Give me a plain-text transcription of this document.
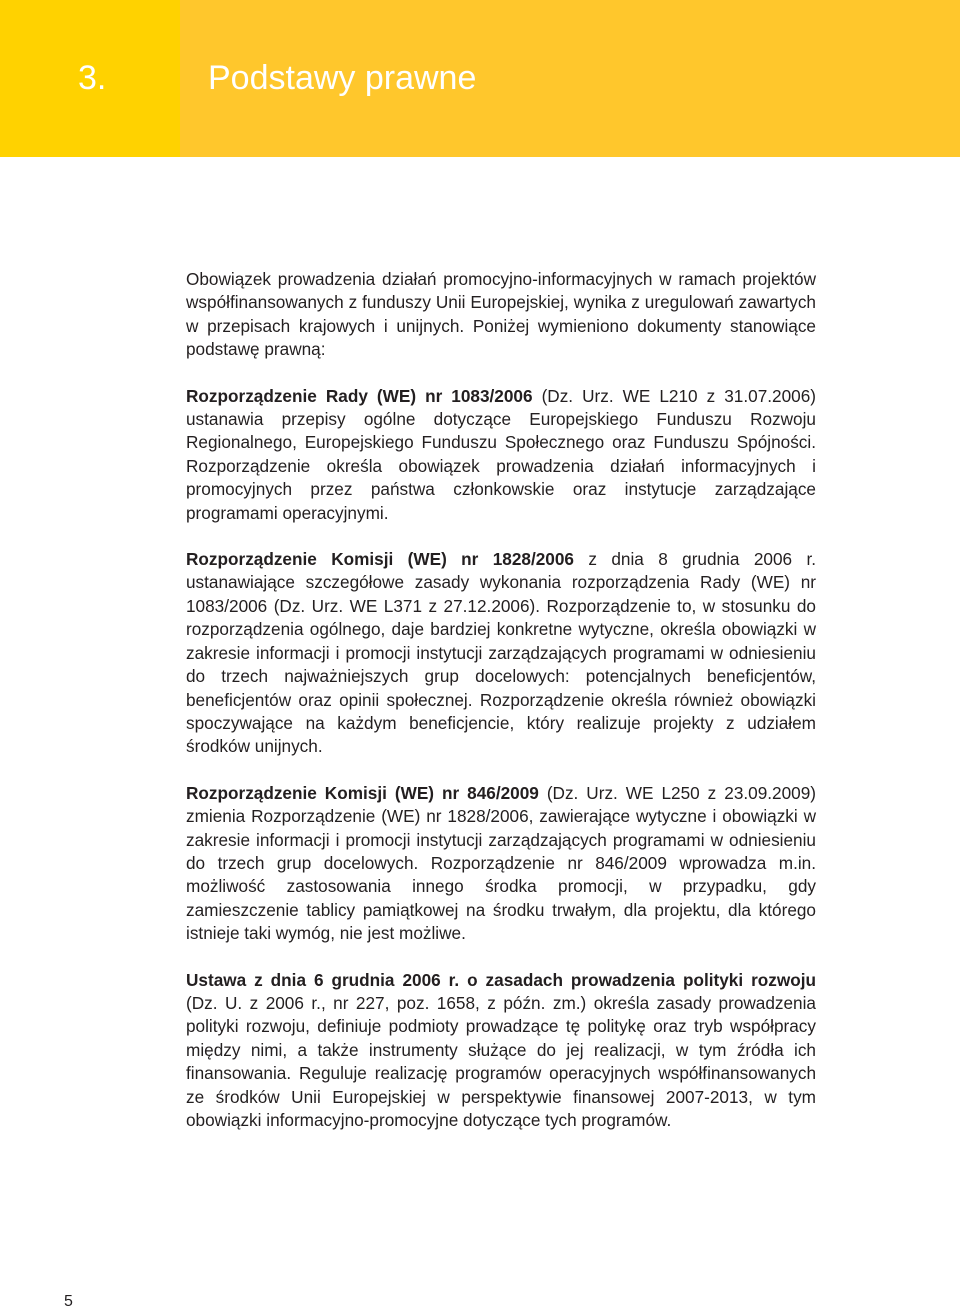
3.	Podstawy prawne

Obowiązek prowadzenia działań promocyjno-informacyjnych w ramach projektów współfinansowanych z funduszy Unii Europejskiej, wynika z uregulowań zawartych w przepisach krajowych i unijnych. Poniżej wymieniono dokumenty stanowiące podstawę prawną:

Rozporządzenie Rady (WE) nr 1083/2006 (Dz. Urz. WE L210 z 31.07.2006) ustanawia przepisy ogólne dotyczące Europejskiego Funduszu Rozwoju Regionalnego, Europejskiego Funduszu Społecznego oraz Funduszu Spójności. Rozporządzenie określa obowiązek prowadzenia działań informacyjnych i promocyjnych przez państwa członkowskie oraz instytucje zarządzające programami operacyjnymi.

Rozporządzenie Komisji (WE) nr 1828/2006 z dnia 8 grudnia 2006 r. ustanawiające szczegółowe zasady wykonania rozporządzenia Rady (WE) nr 1083/2006 (Dz. Urz. WE L371 z 27.12.2006). Rozporządzenie to, w stosunku do rozporządzenia ogólnego, daje bardziej konkretne wytyczne, określa obowiązki w zakresie informacji i promocji instytucji zarządzających programami w odniesieniu do trzech najważniejszych grup docelowych: potencjalnych beneficjentów, beneficjentów oraz opinii społecznej. Rozporządzenie określa również obowiązki spoczywające na każdym beneficjencie, który realizuje projekty z udziałem środków unijnych.

Rozporządzenie Komisji (WE) nr 846/2009 (Dz. Urz. WE L250 z 23.09.2009) zmienia Rozporządzenie (WE) nr 1828/2006, zawierające wytyczne i obowiązki w zakresie informacji i promocji instytucji zarządzających programami w odniesieniu do trzech grup docelowych. Rozporządzenie nr 846/2009 wprowadza m.in. możliwość zastosowania innego środka promocji, w przypadku, gdy zamieszczenie tablicy pamiątkowej na środku trwałym, dla projektu, dla którego istnieje taki wymóg, nie jest możliwe.

Ustawa z dnia 6 grudnia 2006 r. o zasadach prowadzenia polityki rozwoju (Dz. U. z 2006 r., nr 227, poz. 1658, z późn. zm.) określa zasady prowadzenia polityki rozwoju, definiuje podmioty prowadzące tę politykę oraz tryb współpracy między nimi, a także instrumenty służące do jej realizacji, w tym źródła ich finansowania. Reguluje realizację programów operacyjnych współfinansowanych ze środków Unii Europejskiej w perspektywie finansowej 2007-2013, w tym obowiązki informacyjno-promocyjne dotyczące tych programów.

5
